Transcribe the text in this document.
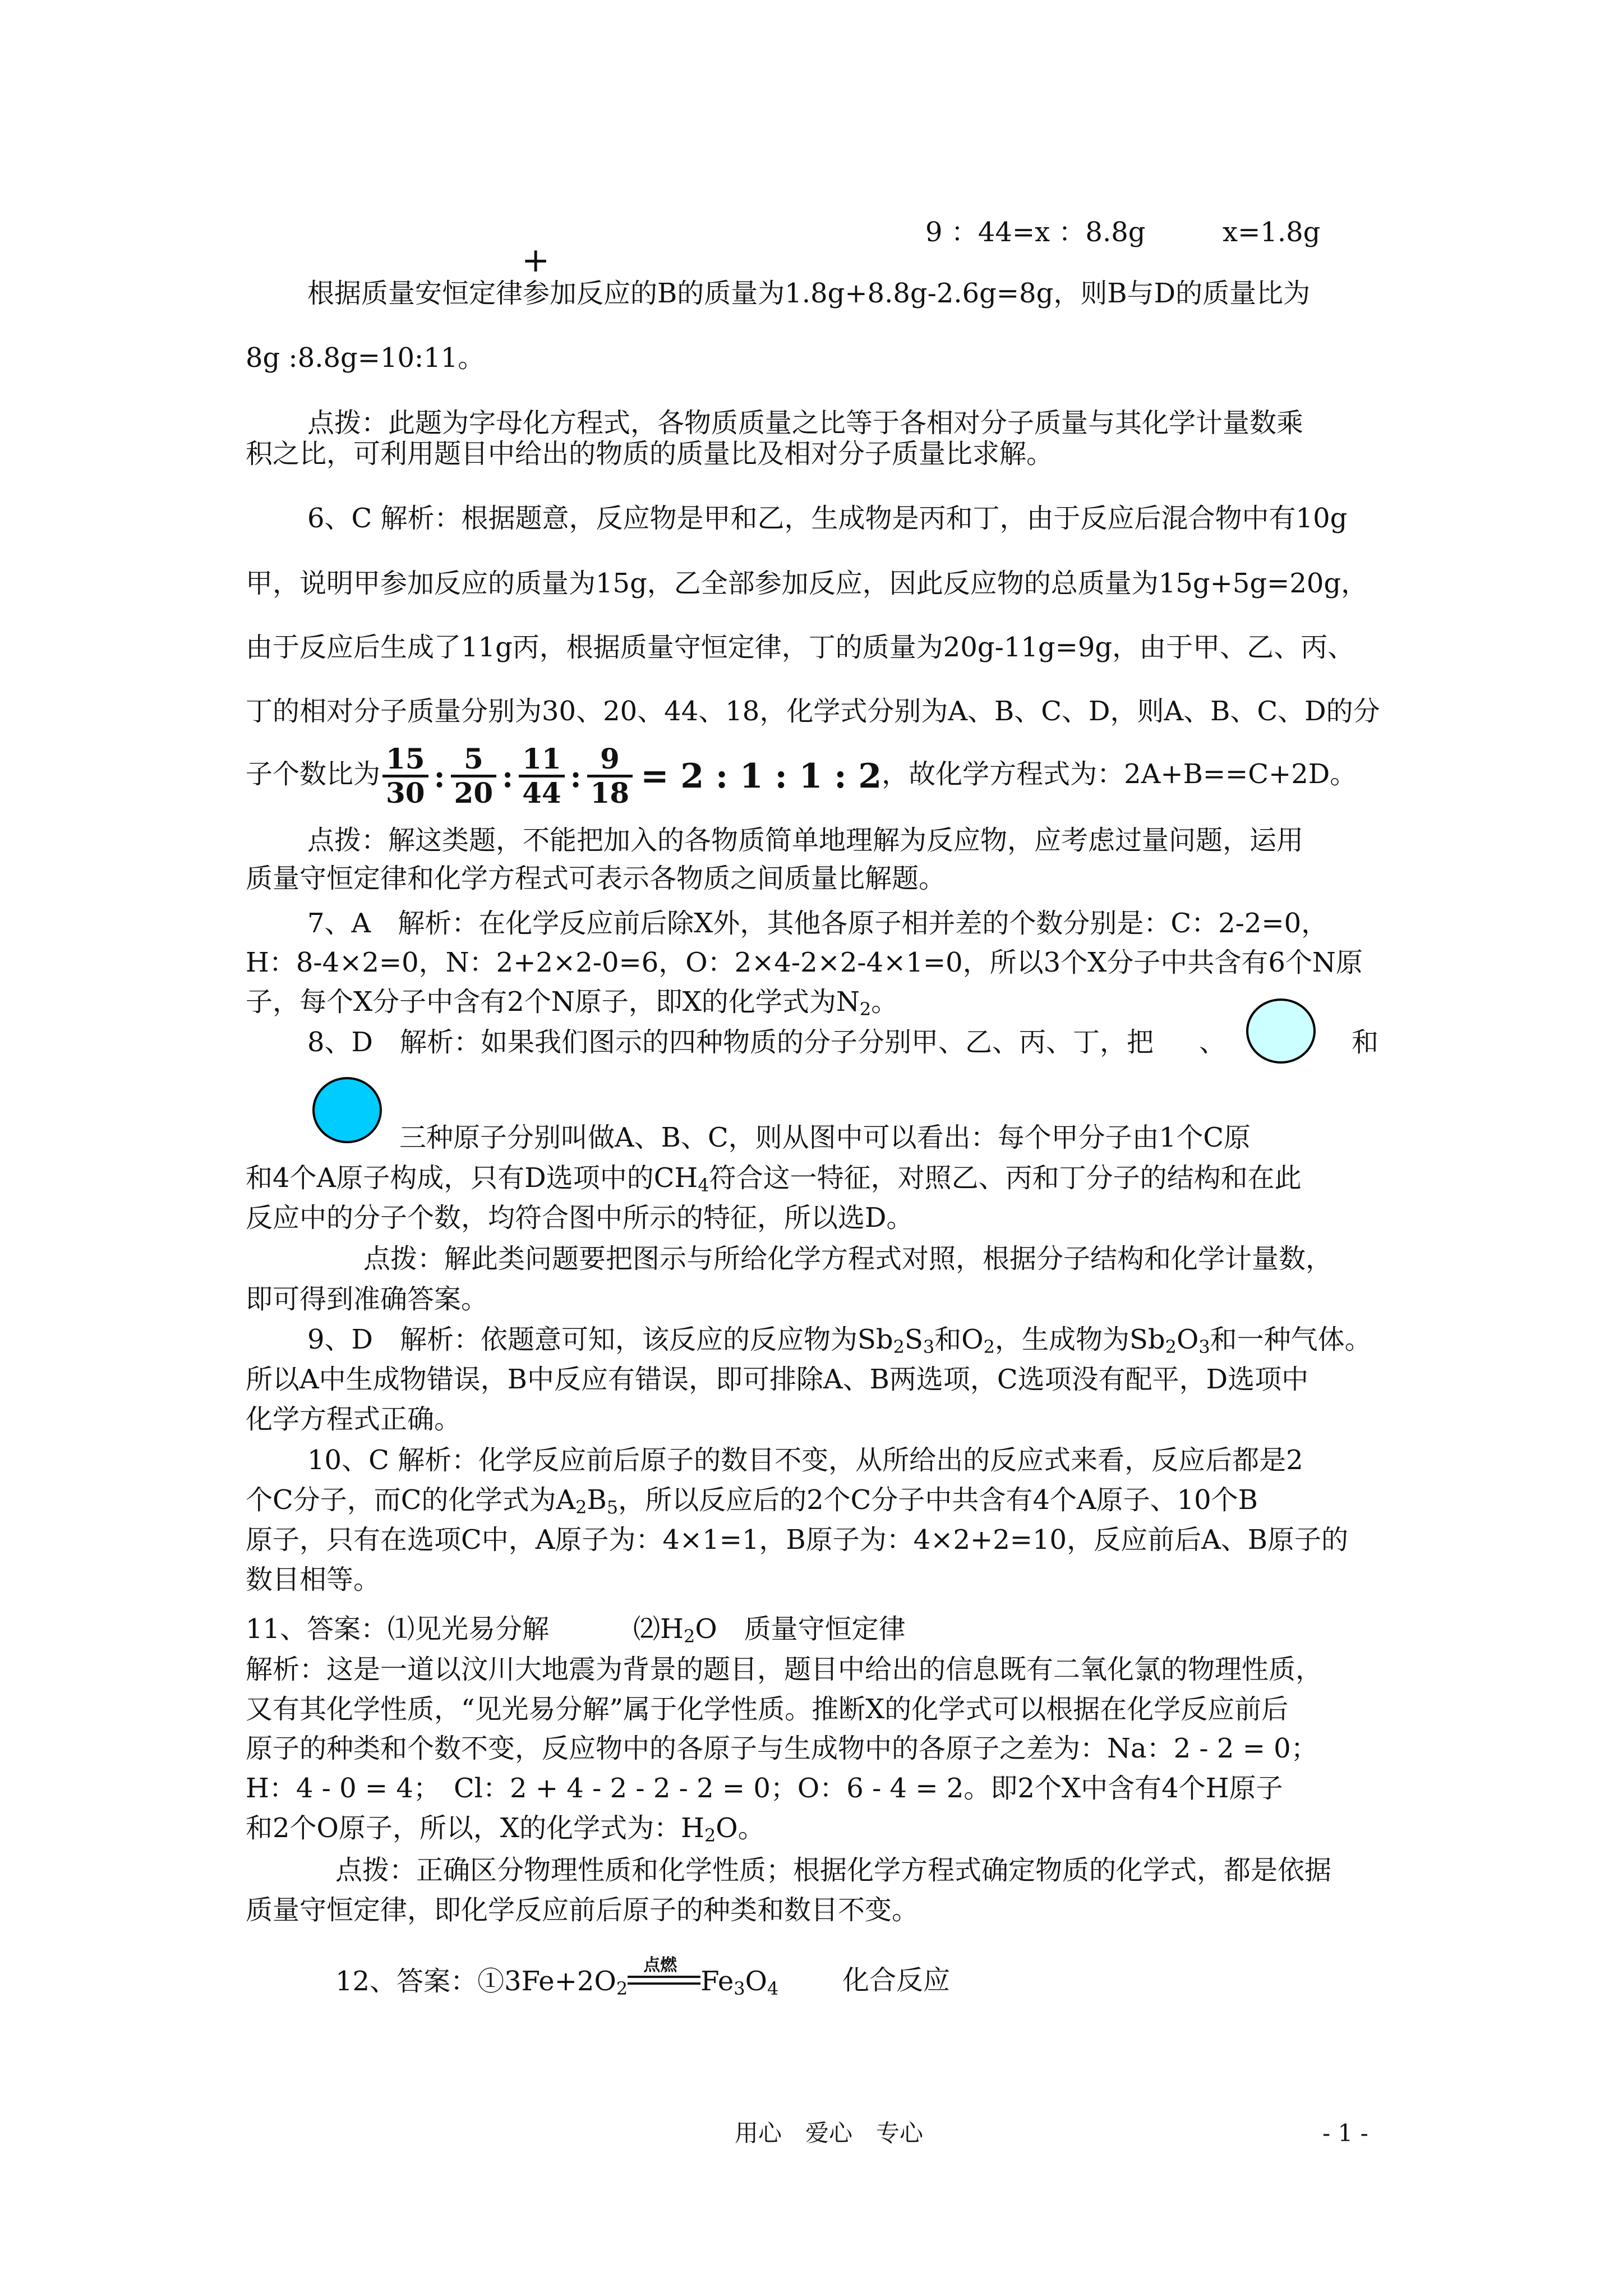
9 ：44=x ：8.8g	x=1.8g
+
根据质量安恒定律参加反应的B的质量为1.8g+8.8g-2.6g=8g，则B与D的质量比为
8g :8.8g=10:11。
点拨：此题为字母化方程式，各物质质量之比等于各相对分子质量与其化学计量数乘
积之比，可利用题目中给出的物质的质量比及相对分子质量比求解。
6、C 解析：根据题意，反应物是甲和乙，生成物是丙和丁，由于反应后混合物中有10g
甲，说明甲参加反应的质量为15g，乙全部参加反应，因此反应物的总质量为15g+5g=20g，
由于反应后生成了11g丙，根据质量守恒定律，丁的质量为20g-11g=9g，由于甲、乙、丙、
丁的相对分子质量分别为30、20、44、18，化学式分别为A、B、C、D，则A、B、C、D的分
子个数比为 $\frac{15}{30}$ : $\frac{5}{20}$ : $\frac{11}{44}$ : $\frac{9}{18} = 2$ : 1 : 1 : 2，故化学方程式为：2A+B==C+2D。
点拨：解这类题，不能把加入的各物质简单地理解为反应物，应考虑过量问题，运用
质量守恒定律和化学方程式可表示各物质之间质量比解题。
7、A　解析：在化学反应前后除X外，其他各原子相并差的个数分别是：C：2-2=0，
H：8-4×2=0，N：2+2×2-0=6，O：2×4-2×2-4×1=0，所以3个X分子中共含有6个N原
子，每个X分子中含有2个N原子，即X的化学式为$N_2$。
8、D　解析：如果我们图示的四种物质的分子分别甲、乙、丙、丁，把 、	和
三种原子分别叫做A、B、C，则从图中可以看出：每个甲分子由1个C原
和4个A原子构成，只有D选项中的$CH_4$符合这一特征，对照乙、丙和丁分子的结构和在此
反应中的分子个数，均符合图中所示的特征，所以选D。
点拨：解此类问题要把图示与所给化学方程式对照，根据分子结构和化学计量数，
即可得到准确答案。
9、D　解析：依题意可知，该反应的反应物为$Sb_2S_3$和$O_2$，生成物为$Sb_2O_3$和一种气体。
所以A中生成物错误，B中反应有错误，即可排除A、B两选项，C选项没有配平，D选项中
化学方程式正确。
10、C 解析：化学反应前后原子的数目不变，从所给出的反应式来看，反应后都是2
个C分子，而C的化学式为$A_2B_5$，所以反应后的2个C分子中共含有4个A原子、10个B
原子，只有在选项C中，A原子为：4×1=1，B原子为：4×2+2=10，反应前后A、B原子的
数目相等。
11、答案：⑴见光易分解	$⑵H_2O$　质量守恒定律
解析：这是一道以汶川大地震为背景的题目，题目中给出的信息既有二氧化氯的物理性质，
又有其化学性质，“见光易分解”属于化学性质。推断X的化学式可以根据在化学反应前后
原子的种类和个数不变，反应物中的各原子与生成物中的各原子之差为：Na：2 - 2 = 0；
H：4 - 0 = 4；　Cl：2 + 4 - 2 - 2 - 2 = 0；O：6 - 4 = 2。即2个X中含有4个H原子
和2个O原子，所以，X的化学式为：$H_2O$。
点拨：正确区分物理性质和化学性质；根据化学方程式确定物质的化学式，都是依据
质量守恒定律，即化学反应前后原子的种类和数目不变。
12、答案：$①3Fe+2O_2$
点燃
$Fe_3O_4$ 化合反应
用心　爱心　专心	- 1 -
